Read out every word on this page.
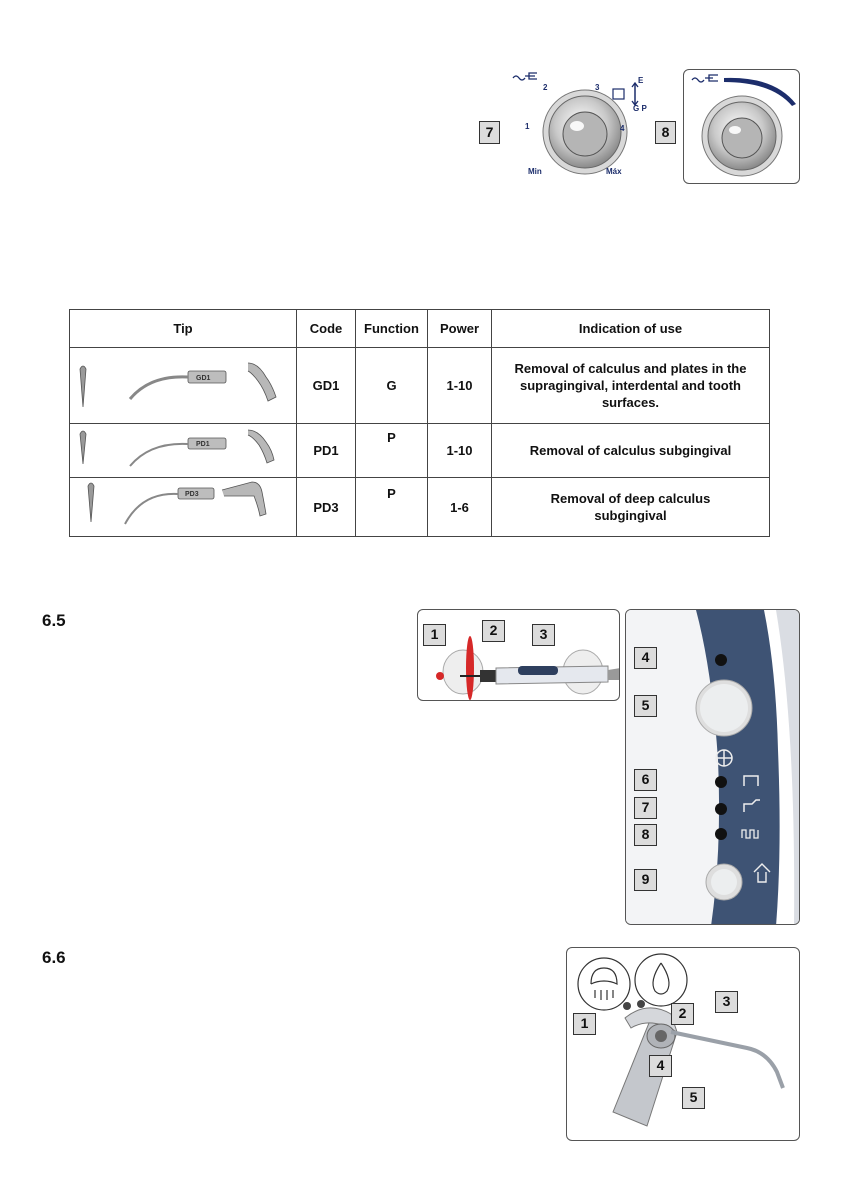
2	3
1	4
Min	Máx
E
G P
7	8
Tip	Code	Function	Power	Indication of use

GD1	GD1	G	1-10	Removal of calculus and plates in the supragingival, interdental and tooth surfaces.

PD1	PD1	P	1-10	Removal of calculus subgingival

PD3	PD3	P	1-6	Removal of deep calculus subgingival
6.5
1	2	3
4
5
6
7
8
9
6.6
1
2
3
4
5
